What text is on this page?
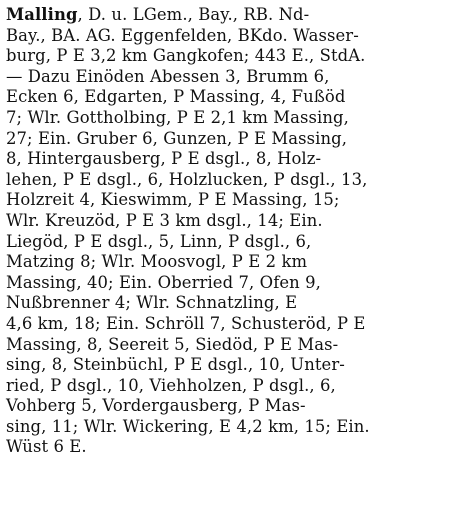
Malling, D. u. LGem., Bay., RB. Nd-
Bay., BA. AG. Eggenfelden, BKdo. Wasser-
burg, P E 3,2 km Gangkofen; 443 E., StdA.
— Dazu Einöden Abessen 3, Brumm 6,
Ecken 6, Edgarten, P Massing, 4, Fußöd
7; Wlr. Gottholbing, P E 2,1 km Massing,
27; Ein. Gruber 6, Gunzen, P E Massing,
8, Hintergausberg, P E dsgl., 8, Holz-
lehen, P E dsgl., 6, Holzlucken, P dsgl., 13,
Holzreit 4, Kieswimm, P E Massing, 15;
Wlr. Kreuzöd, P E 3 km dsgl., 14; Ein.
Liegöd, P E dsgl., 5, Linn, P dsgl., 6,
Matzing 8; Wlr. Moosvogl, P E 2 km
Massing, 40; Ein. Oberried 7, Ofen 9,
Nußbrenner 4; Wlr. Schnatzling, E
4,6 km, 18; Ein. Schröll 7, Schusteröd, P E
Massing, 8, Seereit 5, Siedöd, P E Mas-
sing, 8, Steinbüchl, P E dsgl., 10, Unter-
ried, P dsgl., 10, Viehholzen, P dsgl., 6,
Vohberg 5, Vordergausberg, P Mas-
sing, 11; Wlr. Wickering, E 4,2 km, 15; Ein.
Wüst 6 E.
